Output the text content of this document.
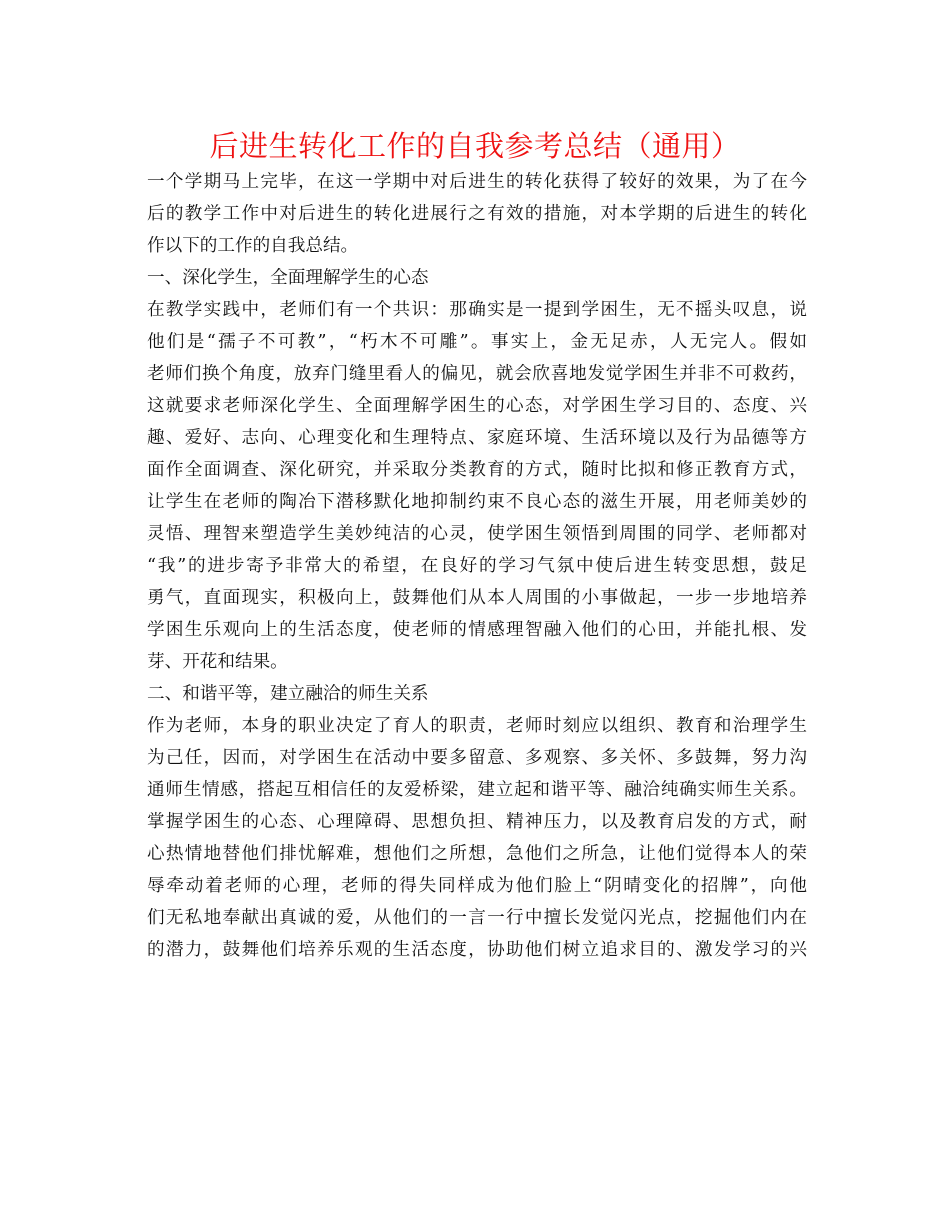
后进生转化工作的自我参考总结（通用）
一个学期马上完毕，在这一学期中对后进生的转化获得了较好的效果，为了在今
后的教学工作中对后进生的转化进展行之有效的措施，对本学期的后进生的转化
作以下的工作的自我总结。
一、深化学生，全面理解学生的心态
在教学实践中，老师们有一个共识：那确实是一提到学困生，无不摇头叹息，说
他们是“孺子不可教”，“朽木不可雕”。事实上，金无足赤，人无完人。假如
老师们换个角度，放弃门缝里看人的偏见，就会欣喜地发觉学困生并非不可救药，
这就要求老师深化学生、全面理解学困生的心态，对学困生学习目的、态度、兴
趣、爱好、志向、心理变化和生理特点、家庭环境、生活环境以及行为品德等方
面作全面调查、深化研究，并采取分类教育的方式，随时比拟和修正教育方式，
让学生在老师的陶冶下潜移默化地抑制约束不良心态的滋生开展，用老师美妙的
灵悟、理智来塑造学生美妙纯洁的心灵，使学困生领悟到周围的同学、老师都对
“我”的进步寄予非常大的希望，在良好的学习气氛中使后进生转变思想，鼓足
勇气，直面现实，积极向上，鼓舞他们从本人周围的小事做起，一步一步地培养
学困生乐观向上的生活态度，使老师的情感理智融入他们的心田，并能扎根、发
芽、开花和结果。
二、和谐平等，建立融洽的师生关系
作为老师，本身的职业决定了育人的职责，老师时刻应以组织、教育和治理学生
为己任，因而，对学困生在活动中要多留意、多观察、多关怀、多鼓舞，努力沟
通师生情感，搭起互相信任的友爱桥梁，建立起和谐平等、融洽纯确实师生关系。
掌握学困生的心态、心理障碍、思想负担、精神压力，以及教育启发的方式，耐
心热情地替他们排忧解难，想他们之所想，急他们之所急，让他们觉得本人的荣
辱牵动着老师的心理，老师的得失同样成为他们脸上“阴晴变化的招牌”，向他
们无私地奉献出真诚的爱，从他们的一言一行中擅长发觉闪光点，挖掘他们内在
的潜力，鼓舞他们培养乐观的生活态度，协助他们树立追求目的、激发学习的兴
